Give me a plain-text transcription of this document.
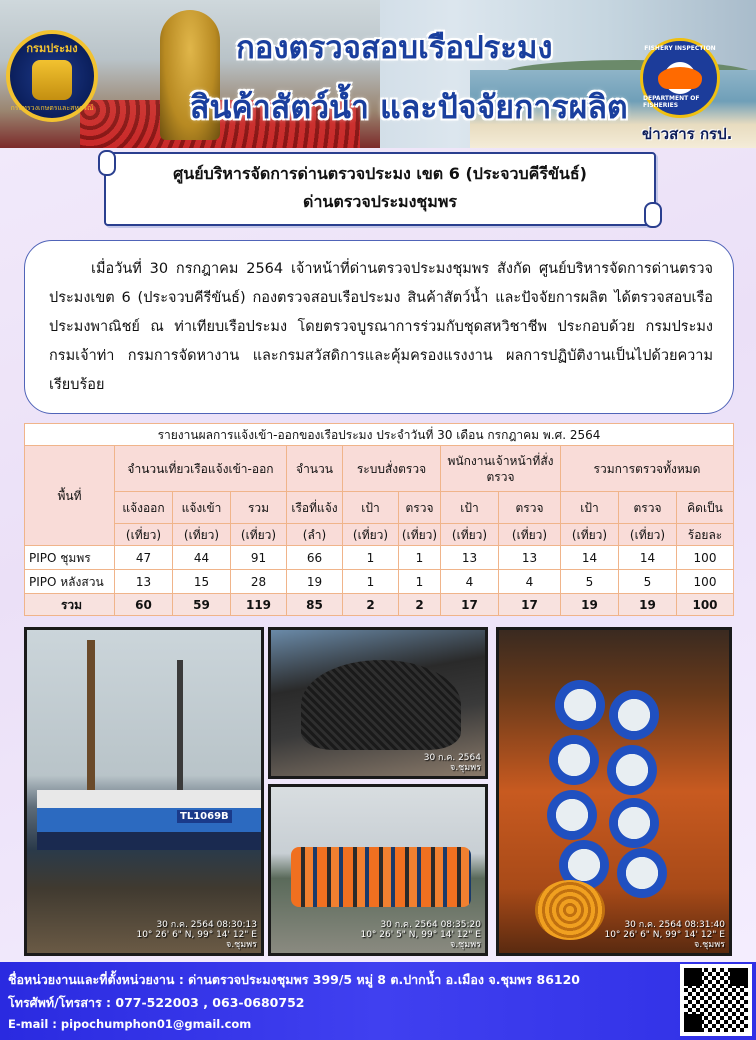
กรมประมง
กระทรวงเกษตรและสหกรณ์
กองตรวจสอบเรือประมง
สินค้าสัตว์น้ำ และปัจจัยการผลิต
FISHERY INSPECTION
DEPARTMENT OF FISHERIES
ข่าวสาร กรป.
ศูนย์บริหารจัดการด่านตรวจประมง เขต 6 (ประจวบคีรีขันธ์)
ด่านตรวจประมงชุมพร

เมื่อวันที่ 30 กรกฎาคม 2564 เจ้าหน้าที่ด่านตรวจประมงชุมพร สังกัด ศูนย์บริหารจัดการด่านตรวจประมงเขต 6 (ประจวบคีรีขันธ์) กองตรวจสอบเรือประมง สินค้าสัตว์น้ำ และปัจจัยการผลิต ได้ตรวจสอบเรือประมงพาณิชย์ ณ ท่าเทียบเรือประมง โดยตรวจบูรณาการร่วมกับชุดสหวิชาชีพ ประกอบด้วย กรมประมง กรมเจ้าท่า กรมการจัดหางาน และกรมสวัสดิการและคุ้มครองแรงงาน ผลการปฏิบัติงานเป็นไปด้วยความเรียบร้อย

รายงานผลการแจ้งเข้า-ออกของเรือประมง ประจำวันที่ 30 เดือน กรกฎาคม พ.ศ. 2564											
พื้นที่	จำนวนเที่ยวเรือแจ้งเข้า-ออก			จำนวน	ระบบสั่งตรวจ		พนักงานเจ้าหน้าที่สั่งตรวจ		รวมการตรวจทั้งหมด		
	แจ้งออก	แจ้งเข้า	รวม	เรือที่แจ้ง	เป้า	ตรวจ	เป้า	ตรวจ	เป้า	ตรวจ	คิดเป็น
	(เที่ยว)	(เที่ยว)	(เที่ยว)	(ลำ)	(เที่ยว)	(เที่ยว)	(เที่ยว)	(เที่ยว)	(เที่ยว)	(เที่ยว)	ร้อยละ
PIPO ชุมพร	47	44	91	66	1	1	13	13	14	14	100
PIPO หลังสวน	13	15	28	19	1	1	4	4	5	5	100
รวม	60	59	119	85	2	2	17	17	19	19	100
TL1069B
30 ก.ค. 2564 08:30:13
10° 26' 6" N, 99° 14' 12" E
จ.ชุมพร
30 ก.ค. 2564
จ.ชุมพร
30 ก.ค. 2564 08:35:20
10° 26' 5" N, 99° 14' 12" E
จ.ชุมพร
30 ก.ค. 2564 08:31:40
10° 26' 6" N, 99° 14' 12" E
จ.ชุมพร
ชื่อหน่วยงานและที่ตั้งหน่วยงาน : ด่านตรวจประมงชุมพร 399/5 หมู่ 8 ต.ปากน้ำ อ.เมือง จ.ชุมพร 86120
โทรศัพท์/โทรสาร : 077-522003 , 063-0680752
E-mail : pipochumphon01@gmail.com
